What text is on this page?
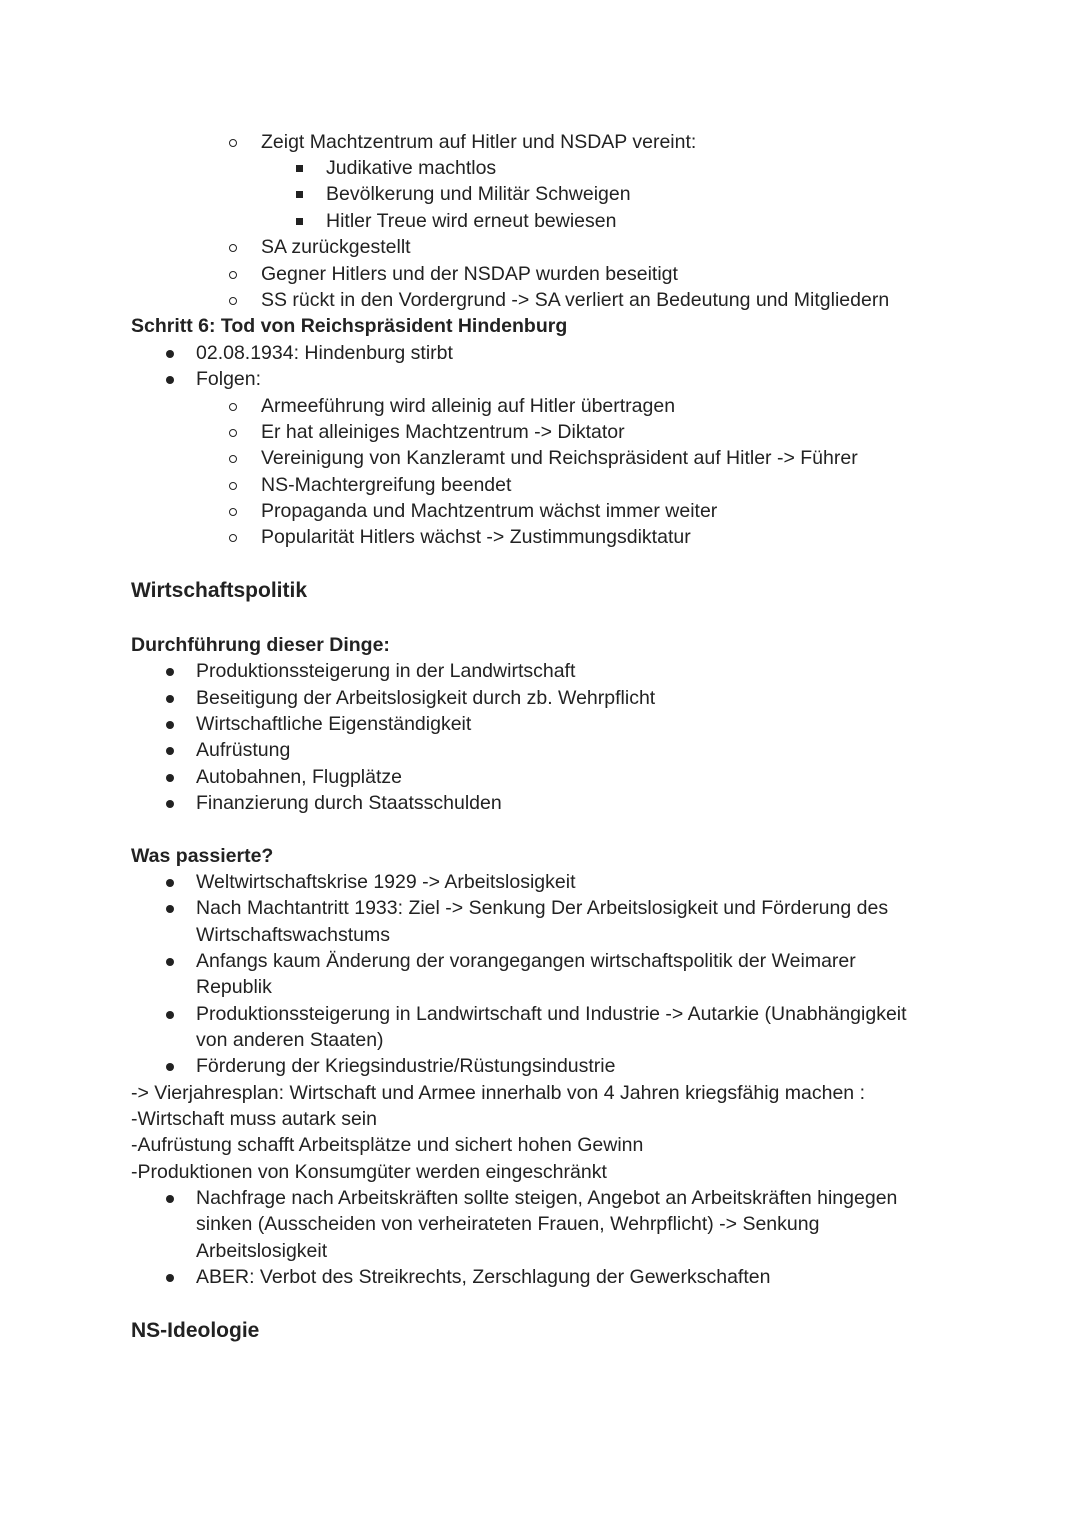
Zeigt Machtzentrum auf Hitler und NSDAP vereint:
Judikative machtlos
Bevölkerung und Militär Schweigen
Hitler Treue wird erneut bewiesen
SA zurückgestellt
Gegner Hitlers und der NSDAP wurden beseitigt
SS rückt in den Vordergrund -> SA verliert an Bedeutung und Mitgliedern
Schritt 6: Tod von Reichspräsident Hindenburg
02.08.1934: Hindenburg stirbt
Folgen:
Armeeführung wird alleinig auf Hitler übertragen
Er hat alleiniges Machtzentrum -> Diktator
Vereinigung von Kanzleramt und Reichspräsident auf Hitler -> Führer
NS-Machtergreifung beendet
Propaganda und Machtzentrum wächst immer weiter
Popularität Hitlers wächst -> Zustimmungsdiktatur
Wirtschaftspolitik
Durchführung dieser Dinge:
Produktionssteigerung in der Landwirtschaft
Beseitigung der Arbeitslosigkeit durch zb. Wehrpflicht
Wirtschaftliche Eigenständigkeit
Aufrüstung
Autobahnen, Flugplätze
Finanzierung durch Staatsschulden
Was passierte?
Weltwirtschaftskrise 1929 -> Arbeitslosigkeit
Nach Machtantritt 1933: Ziel -> Senkung Der Arbeitslosigkeit und Förderung des
Wirtschaftswachstums
Anfangs kaum Änderung der vorangegangen wirtschaftspolitik der Weimarer
Republik
Produktionssteigerung in Landwirtschaft und Industrie -> Autarkie (Unabhängigkeit
von anderen Staaten)
Förderung der Kriegsindustrie/Rüstungsindustrie
-> Vierjahresplan: Wirtschaft und Armee innerhalb von 4 Jahren kriegsfähig machen :
-Wirtschaft muss autark sein
-Aufrüstung schafft Arbeitsplätze und sichert hohen Gewinn
-Produktionen von Konsumgüter werden eingeschränkt
Nachfrage nach Arbeitskräften sollte steigen, Angebot an Arbeitskräften hingegen
sinken (Ausscheiden von verheirateten Frauen, Wehrpflicht) -> Senkung
Arbeitslosigkeit
ABER: Verbot des Streikrechts, Zerschlagung der Gewerkschaften
NS-Ideologie
